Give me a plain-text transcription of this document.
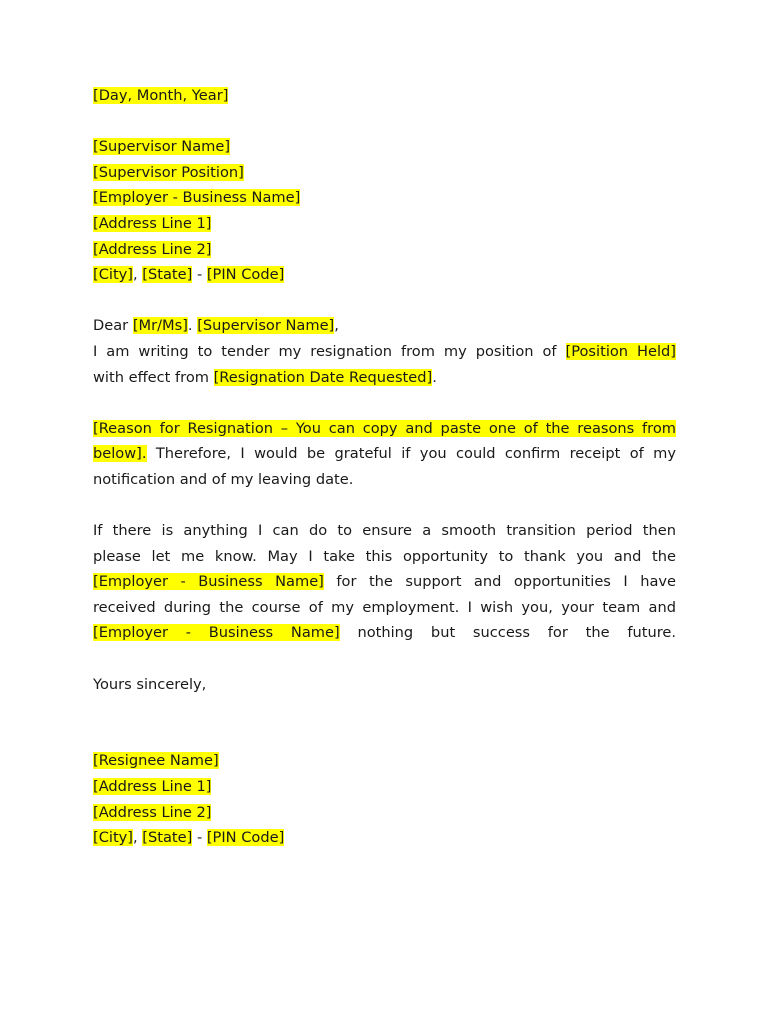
[Day, Month, Year]
[Supervisor Name]
[Supervisor Position]
[Employer - Business Name]
[Address Line 1]
[Address Line 2]
[City], [State] - [PIN Code]
Dear [Mr/Ms]. [Supervisor Name],
I am writing to tender my resignation from my position of [Position Held]
with effect from [Resignation Date Requested].
[Reason for Resignation – You can copy and paste one of the reasons from
below]. Therefore, I would be grateful if you could confirm receipt of my
notification and of my leaving date.
If there is anything I can do to ensure a smooth transition period then
please let me know. May I take this opportunity to thank you and the
[Employer - Business Name] for the support and opportunities I have
received during the course of my employment. I wish you, your team and
[Employer - Business Name] nothing but success for the future.
Yours sincerely,
[Resignee Name]
[Address Line 1]
[Address Line 2]
[City], [State] - [PIN Code]
